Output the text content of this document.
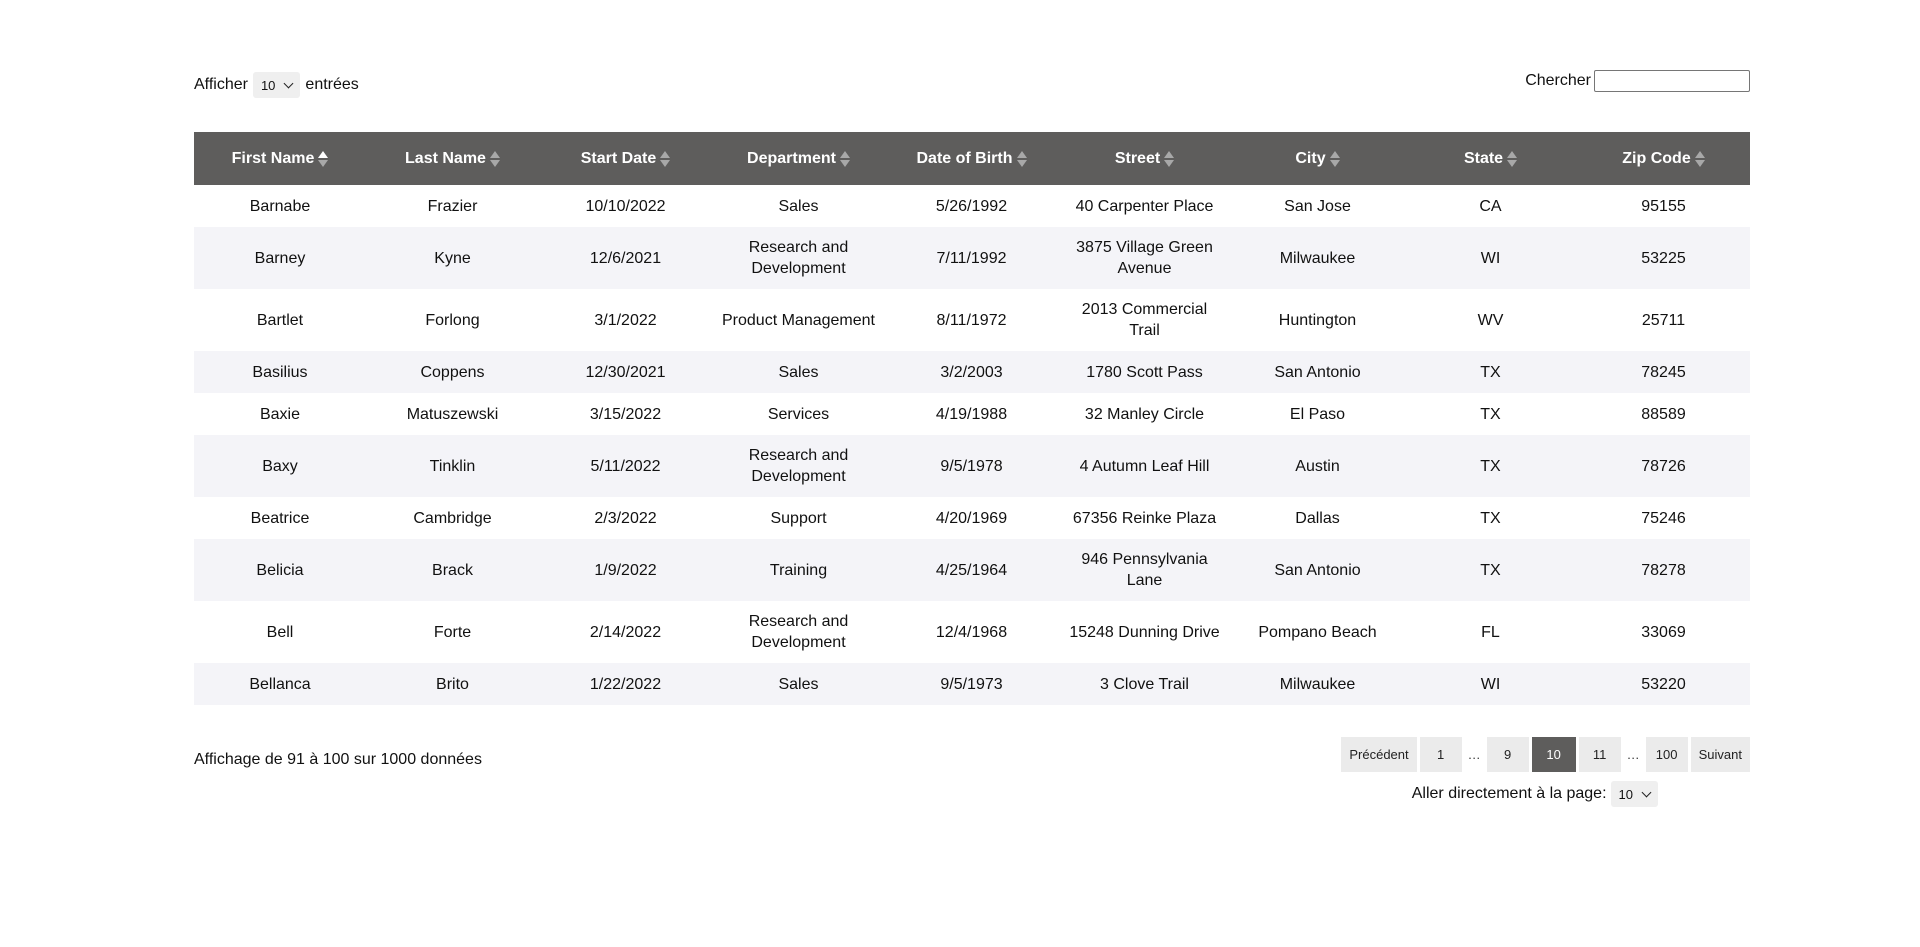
Afficher 10 entrées	Chercher
First Name	Last Name	Start Date	Department	Date of Birth	Street	City	State	Zip Code

Barnabe	Frazier	10/10/2022	Sales	5/26/1992	40 Carpenter Place	San Jose	CA	95155
Barney	Kyne	12/6/2021	Research and Development	7/11/1992	3875 Village Green Avenue	Milwaukee	WI	53225
Bartlet	Forlong	3/1/2022	Product Management	8/11/1972	2013 Commercial Trail	Huntington	WV	25711
Basilius	Coppens	12/30/2021	Sales	3/2/2003	1780 Scott Pass	San Antonio	TX	78245
Baxie	Matuszewski	3/15/2022	Services	4/19/1988	32 Manley Circle	El Paso	TX	88589
Baxy	Tinklin	5/11/2022	Research and Development	9/5/1978	4 Autumn Leaf Hill	Austin	TX	78726
Beatrice	Cambridge	2/3/2022	Support	4/20/1969	67356 Reinke Plaza	Dallas	TX	75246
Belicia	Brack	1/9/2022	Training	4/25/1964	946 Pennsylvania Lane	San Antonio	TX	78278
Bell	Forte	2/14/2022	Research and Development	12/4/1968	15248 Dunning Drive	Pompano Beach	FL	33069
Bellanca	Brito	1/22/2022	Sales	9/5/1973	3 Clove Trail	Milwaukee	WI	53220
Affichage de 91 à 100 sur 1000 données	Précédent	1	…	9	10	11	…	100	Suivant
Aller directement à la page: 10
